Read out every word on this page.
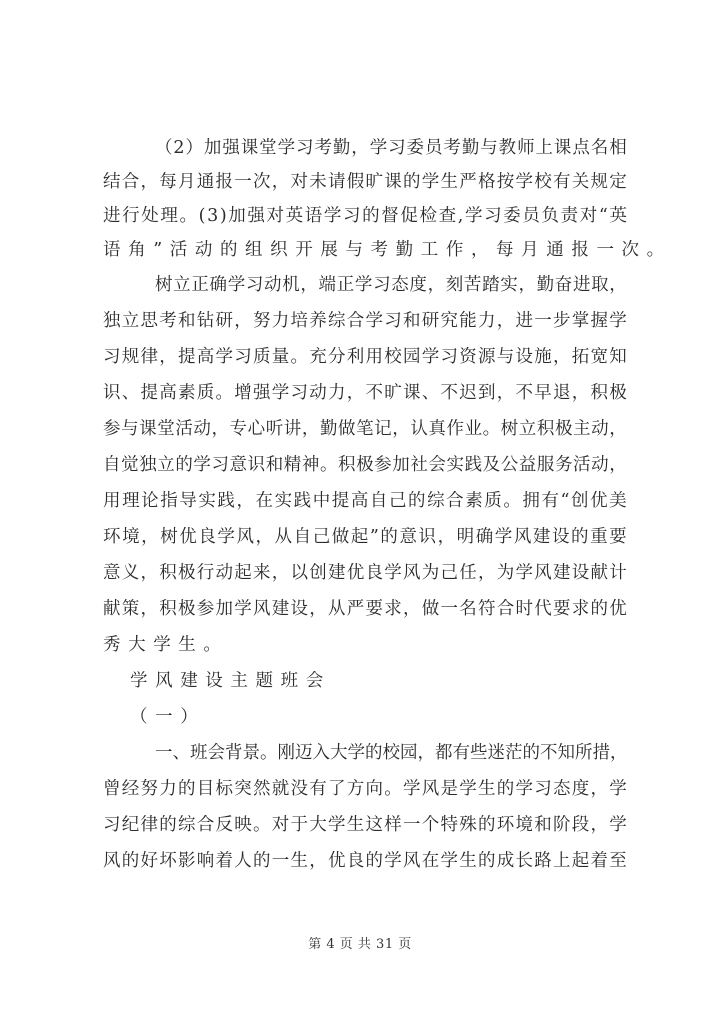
（ 2 ） 加 强 课 堂 学 习 考 勤 ， 学 习 委 员 考 勤 与 教 师 上 课 点 名 相
结 合 ， 每 月 通 报 一 次 ， 对 未 请 假 旷 课 的 学 生 严 格 按 学 校 有 关 规 定
进 行 处 理 。 ( 3 ) 加 强 对 英 语 学 习 的 督 促 检 查 , 学 习 委 员 负 责 对 “ 英
语角”活动的组织开展与考勤工作，每月通报一次。
树 立 正 确 学 习 动 机 ， 端 正 学 习 态 度 ， 刻 苦 踏 实 ， 勤 奋 进 取 ，
独 立 思 考 和 钻 研 ， 努 力 培 养 综 合 学 习 和 研 究 能 力 ， 进 一 步 掌 握 学
习 规 律 ， 提 高 学 习 质 量 。 充 分 利 用 校 园 学 习 资 源 与 设 施 ， 拓 宽 知
识 、 提 高 素 质 。 增 强 学 习 动 力 ， 不 旷 课 、 不 迟 到 ， 不 早 退 ， 积 极
参 与 课 堂 活 动 ， 专 心 听 讲 ， 勤 做 笔 记 ， 认 真 作 业 。 树 立 积 极 主 动 ，
自 觉 独 立 的 学 习 意 识 和 精 神 。 积 极 参 加 社 会 实 践 及 公 益 服 务 活 动 ，
用 理 论 指 导 实 践 ， 在 实 践 中 提 高 自 己 的 综 合 素 质 。 拥 有 “ 创 优 美
环 境 ， 树 优 良 学 风 ， 从 自 己 做 起 ” 的 意 识 ， 明 确 学 风 建 设 的 重 要
意 义 ， 积 极 行 动 起 来 ， 以 创 建 优 良 学 风 为 己 任 ， 为 学 风 建 设 献 计
献 策 ， 积 极 参 加 学 风 建 设 ， 从 严 要 求 ， 做 一 名 符 合 时 代 要 求 的 优
秀大学生。
学风建设主题班会
（一）
一 、 班 会 背 景 。 刚 迈 入 大 学 的 校 园 ， 都 有 些 迷 茫 的 不 知 所 措 ，
曾 经 努 力 的 目 标 突 然 就 没 有 了 方 向 。 学 风 是 学 生 的 学 习 态 度 ， 学
习 纪 律 的 综 合 反 映 。 对 于 大 学 生 这 样 一 个 特 殊 的 环 境 和 阶 段 ， 学
风 的 好 坏 影 响 着 人 的 一 生 ， 优 良 的 学 风 在 学 生 的 成 长 路 上 起 着 至
第 4 页 共 31 页
